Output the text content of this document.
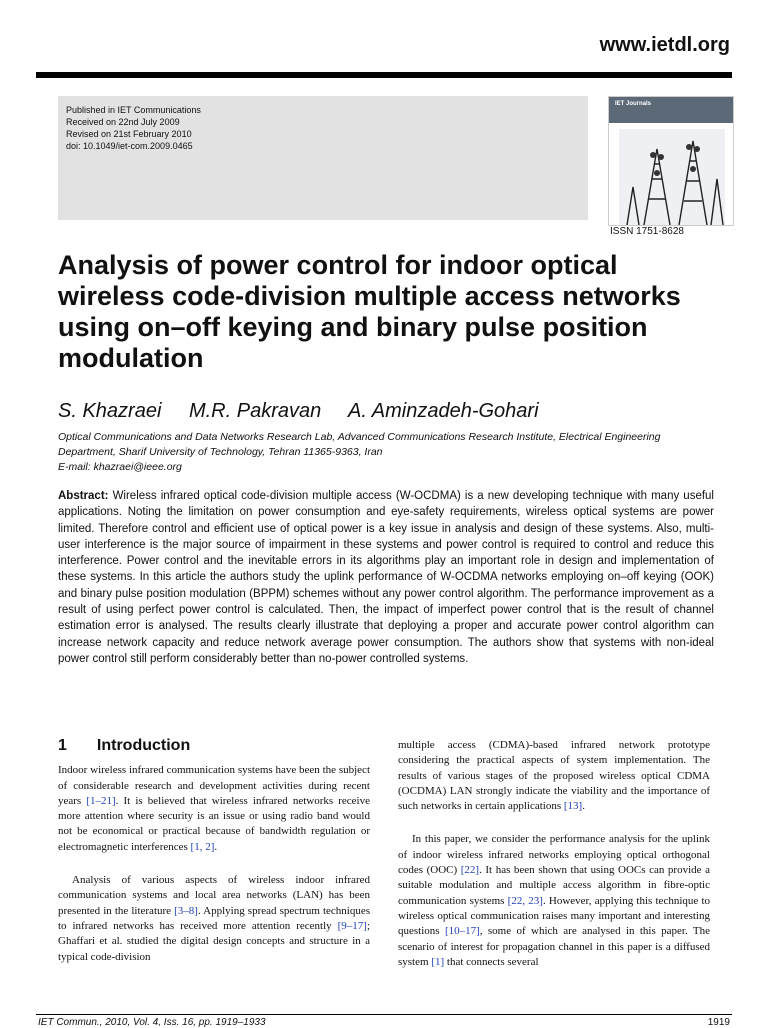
www.ietdl.org
Published in IET Communications
Received on 22nd July 2009
Revised on 21st February 2010
doi: 10.1049/iet-com.2009.0465
IET Journals
ISSN 1751-8628
Analysis of power control for indoor optical wireless code-division multiple access networks using on–off keying and binary pulse position modulation
S. Khazraei M.R. Pakravan A. Aminzadeh-Gohari
Optical Communications and Data Networks Research Lab, Advanced Communications Research Institute, Electrical Engineering Department, Sharif University of Technology, Tehran 11365-9363, Iran
E-mail: khazraei@ieee.org
Abstract: Wireless infrared optical code-division multiple access (W-OCDMA) is a new developing technique with many useful applications. Noting the limitation on power consumption and eye-safety requirements, wireless optical systems are power limited. Therefore control and efficient use of optical power is a key issue in analysis and design of these systems. Also, multi-user interference is the major source of impairment in these systems and power control is required to control and reduce this interference. Power control and the inevitable errors in its algorithms play an important role in design and implementation of these systems. In this article the authors study the uplink performance of W-OCDMA networks employing on–off keying (OOK) and binary pulse position modulation (BPPM) schemes without any power control algorithm. The performance improvement as a result of using perfect power control is calculated. Then, the impact of imperfect power control that is the result of channel estimation error is analysed. The results clearly illustrate that deploying a proper and accurate power control algorithm can increase network capacity and reduce network average power consumption. The authors show that systems with non-ideal power control still perform considerably better than no-power controlled systems.
1 Introduction

Indoor wireless infrared communication systems have been the subject of considerable research and development activities during recent years [1–21]. It is believed that wireless infrared networks receive more attention where security is an issue or using radio band would not be economical or practical because of bandwidth regulation or electromagnetic interferences [1, 2].

Analysis of various aspects of wireless indoor infrared communication systems and local area networks (LAN) has been presented in the literature [3–8]. Applying spread spectrum techniques to infrared networks has received more attention recently [9–17]; Ghaffari et al. studied the digital design concepts and structure in a typical code-division

multiple access (CDMA)-based infrared network prototype considering the practical aspects of system implementation. The results of various stages of the proposed wireless optical CDMA (OCDMA) LAN strongly indicate the viability and the importance of such networks in certain applications [13].

In this paper, we consider the performance analysis for the uplink of indoor wireless infrared networks employing optical orthogonal codes (OOC) [22]. It has been shown that using OOCs can provide a suitable modulation and multiple access algorithm in fibre-optic communication systems [22, 23]. However, applying this technique to wireless optical communication raises many important and interesting questions [10–17], some of which are analysed in this paper. The scenario of interest for propagation channel in this paper is a diffused system [1] that connects several

IET Commun., 2010, Vol. 4, Iss. 16, pp. 1919–1933	1919
